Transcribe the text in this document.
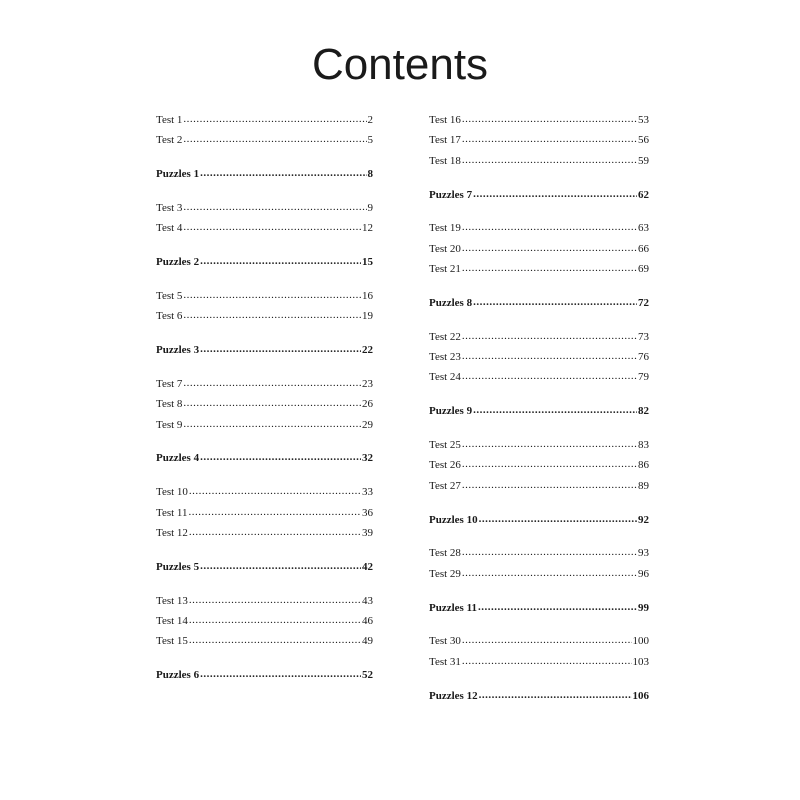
Contents
Test 1 .....	2
Test 2 .....	5
Puzzles 1 .....	8
Test 3 .....	9
Test 4 .....	12
Puzzles 2 .....	15
Test 5 .....	16
Test 6 .....	19
Puzzles 3 .....	22
Test 7 .....	23
Test 8 .....	26
Test 9 .....	29
Puzzles 4 .....	32
Test 10 .....	33
Test 11 .....	36
Test 12 .....	39
Puzzles 5 .....	42
Test 13 .....	43
Test 14 .....	46
Test 15 .....	49
Puzzles 6 .....	52
Test 16 .....	53
Test 17 .....	56
Test 18 .....	59
Puzzles 7 .....	62
Test 19 .....	63
Test 20 .....	66
Test 21 .....	69
Puzzles 8 .....	72
Test 22 .....	73
Test 23 .....	76
Test 24 .....	79
Puzzles 9 .....	82
Test 25 .....	83
Test 26 .....	86
Test 27 .....	89
Puzzles 10 .....	92
Test 28 .....	93
Test 29 .....	96
Puzzles 11 .....	99
Test 30 .....	100
Test 31 .....	103
Puzzles 12 .....	106
